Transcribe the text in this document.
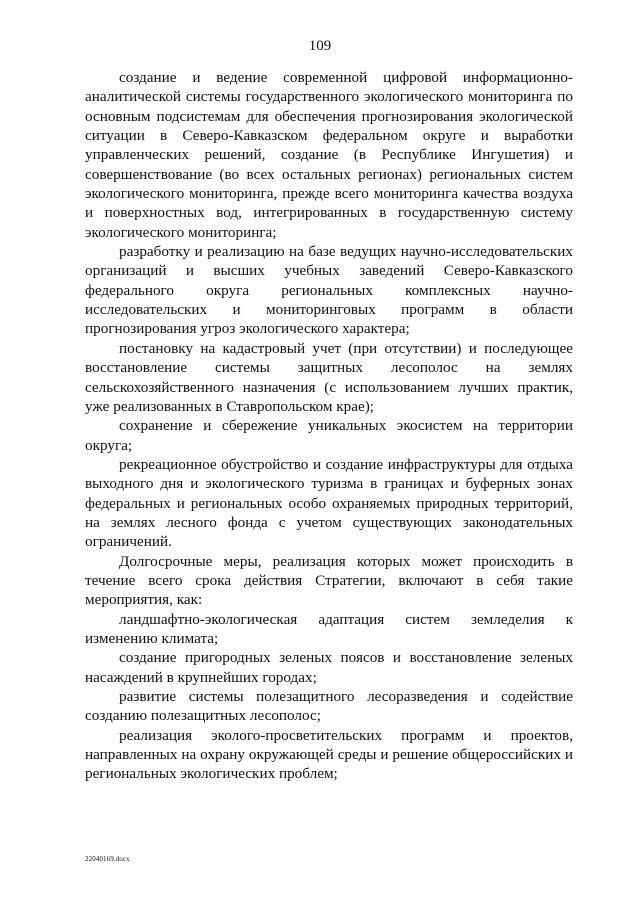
109

создание и ведение современной цифровой информационно-аналитической системы государственного экологического мониторинга по основным подсистемам для обеспечения прогнозирования экологической ситуации в Северо-Кавказском федеральном округе и выработки управленческих решений, создание (в Республике Ингушетия) и совершенствование (во всех остальных регионах) региональных систем экологического мониторинга, прежде всего мониторинга качества воздуха и поверхностных вод, интегрированных в государственную систему экологического мониторинга;

разработку и реализацию на базе ведущих научно-исследовательских организаций и высших учебных заведений Северо-Кавказского федерального округа региональных комплексных научно-исследовательских и мониторинговых программ в области прогнозирования угроз экологического характера;

постановку на кадастровый учет (при отсутствии) и последующее восстановление системы защитных лесополос на землях сельскохозяйственного назначения (с использованием лучших практик, уже реализованных в Ставропольском крае);

сохранение и сбережение уникальных экосистем на территории округа;

рекреационное обустройство и создание инфраструктуры для отдыха выходного дня и экологического туризма в границах и буферных зонах федеральных и региональных особо охраняемых природных территорий, на землях лесного фонда с учетом существующих законодательных ограничений.

Долгосрочные меры, реализация которых может происходить в течение всего срока действия Стратегии, включают в себя такие мероприятия, как:

ландшафтно-экологическая адаптация систем земледелия к изменению климата;

создание пригородных зеленых поясов и восстановление зеленых насаждений в крупнейших городах;

развитие системы полезащитного лесоразведения и содействие созданию полезащитных лесополос;

реализация эколого-просветительских программ и проектов, направленных на охрану окружающей среды и решение общероссийских и региональных экологических проблем;

22040169.docx
